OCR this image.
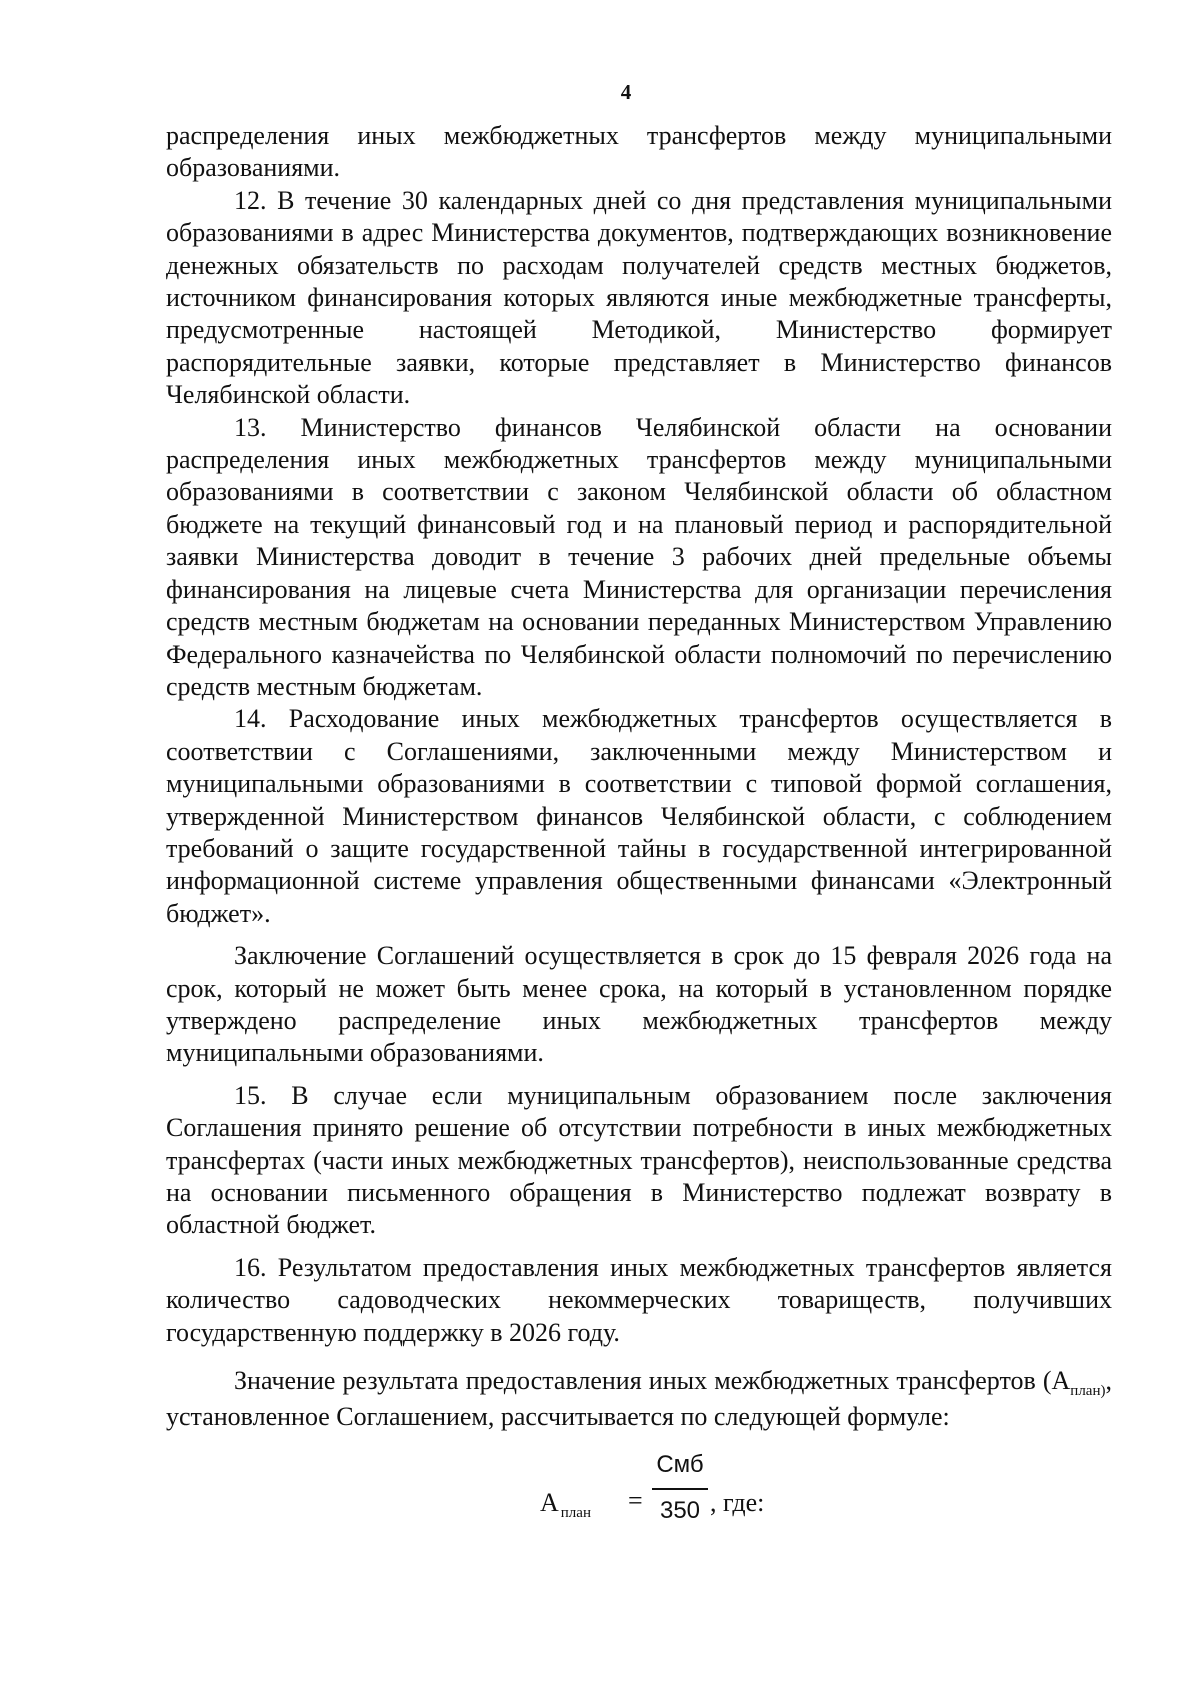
4

распределения иных межбюджетных трансфертов между муниципальными образованиями.

12. В течение 30 календарных дней со дня представления муниципальными образованиями в адрес Министерства документов, подтверждающих возникновение денежных обязательств по расходам получателей средств местных бюджетов, источником финансирования которых являются иные межбюджетные трансферты, предусмотренные настоящей Методикой, Министерство формирует распорядительные заявки, которые представляет в Министерство финансов Челябинской области.

13. Министерство финансов Челябинской области на основании распределения иных межбюджетных трансфертов между муниципальными образованиями в соответствии с законом Челябинской области об областном бюджете на текущий финансовый год и на плановый период и распорядительной заявки Министерства доводит в течение 3 рабочих дней предельные объемы финансирования на лицевые счета Министерства для организации перечисления средств местным бюджетам на основании переданных Министерством Управлению Федерального казначейства по Челябинской области полномочий по перечислению средств местным бюджетам.

14. Расходование иных межбюджетных трансфертов осуществляется в соответствии с Соглашениями, заключенными между Министерством и муниципальными образованиями в соответствии с типовой формой соглашения, утвержденной Министерством финансов Челябинской области, с соблюдением требований о защите государственной тайны в государственной интегрированной информационной системе управления общественными финансами «Электронный бюджет».

Заключение Соглашений осуществляется в срок до 15 февраля 2026 года на срок, который не может быть менее срока, на который в установленном порядке утверждено распределение иных межбюджетных трансфертов между муниципальными образованиями.

15. В случае если муниципальным образованием после заключения Соглашения принято решение об отсутствии потребности в иных межбюджетных трансфертах (части иных межбюджетных трансфертов), неиспользованные средства на основании письменного обращения в Министерство подлежат возврату в областной бюджет.

16. Результатом предоставления иных межбюджетных трансфертов является количество садоводческих некоммерческих товариществ, получивших государственную поддержку в 2026 году.

Значение результата предоставления иных межбюджетных трансфертов ($А_{план)}$, установленное Соглашением, рассчитывается по следующей формуле:

А $_{план}$ =
Смб
350 , где:
